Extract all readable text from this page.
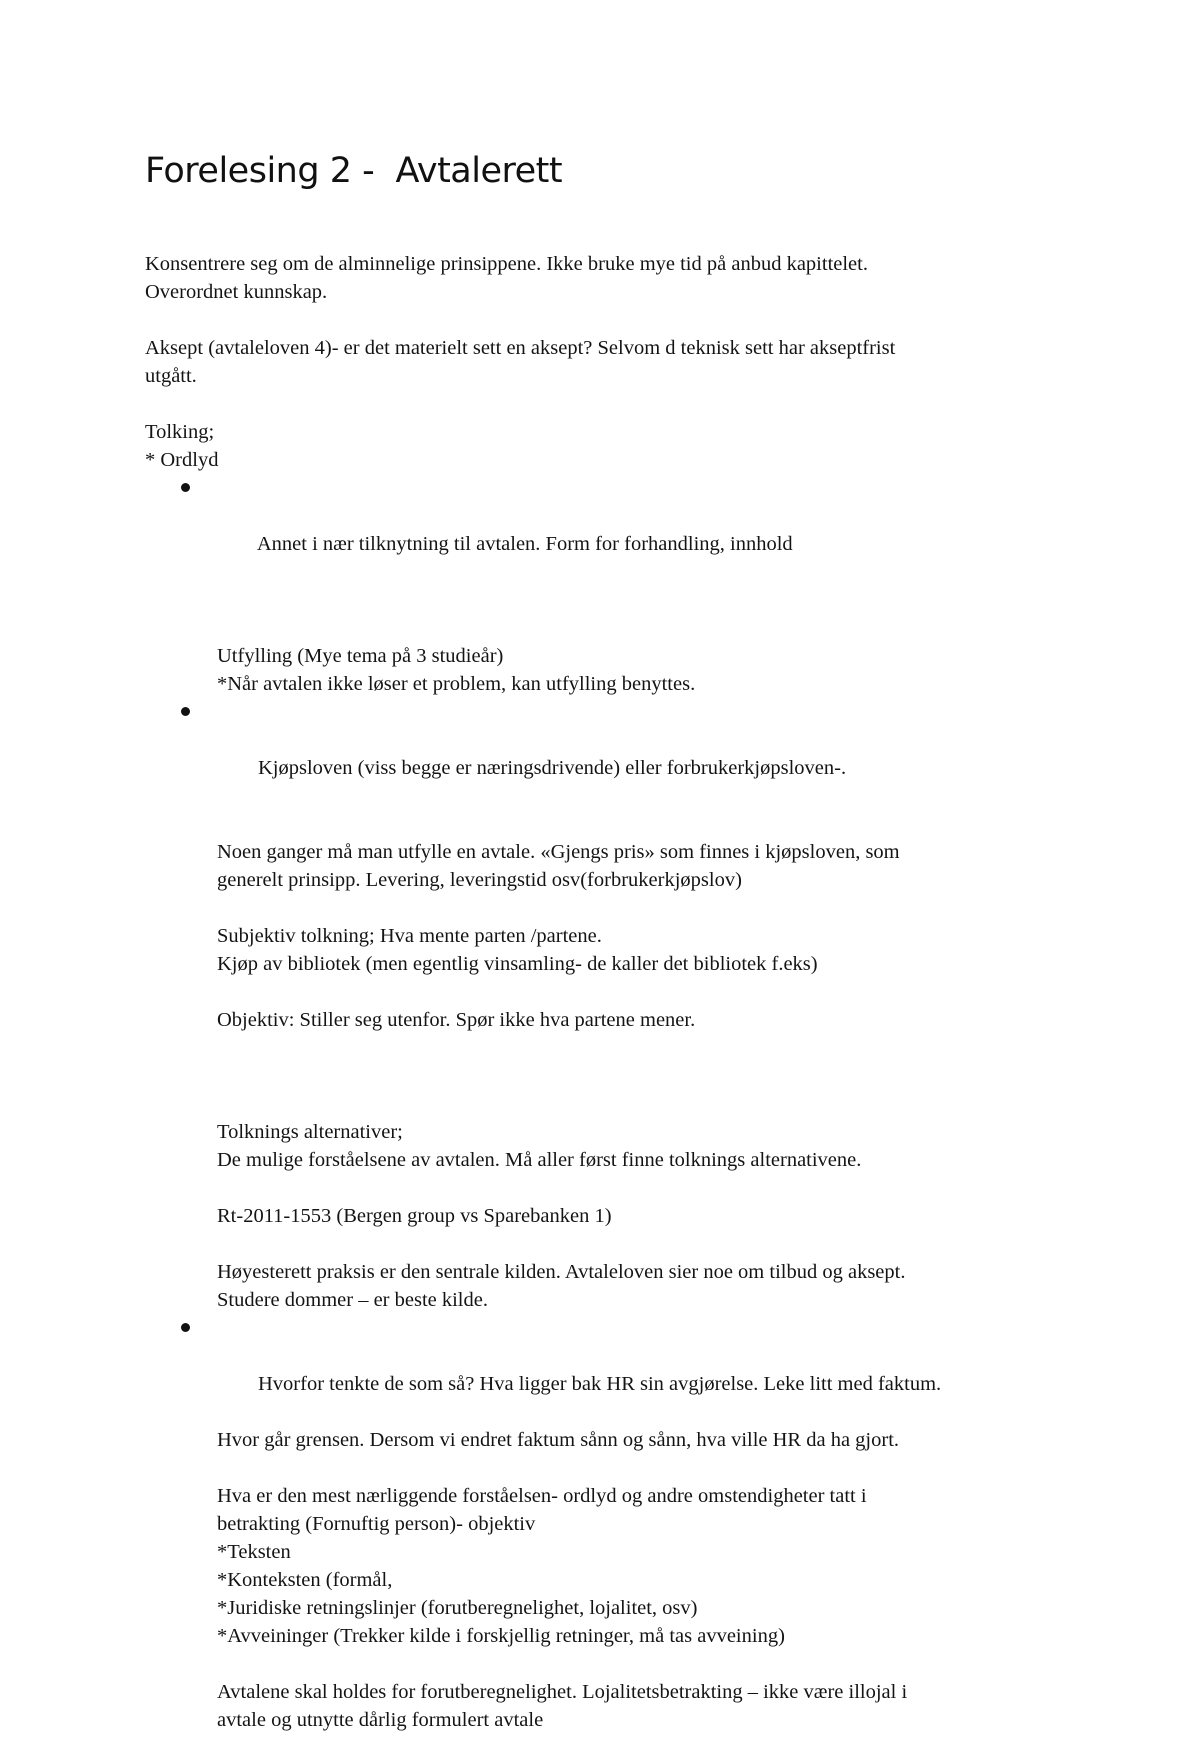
Forelesing 2 -  Avtalerett
Konsentrere seg om de alminnelige prinsippene. Ikke bruke mye tid på anbud kapittelet.
Overordnet kunnskap.
Aksept (avtaleloven 4)- er det materielt sett en aksept? Selvom d teknisk sett har akseptfrist
utgått.
Tolking;
* Ordlyd

Annet i nær tilknytning til avtalen. Form for forhandling, innhold

Utfylling (Mye tema på 3 studieår)
*Når avtalen ikke løser et problem, kan utfylling benyttes.

Kjøpsloven (viss begge er næringsdrivende) eller forbrukerkjøpsloven-.

Noen ganger må man utfylle en avtale. «Gjengs pris» som finnes i kjøpsloven, som
generelt prinsipp. Levering, leveringstid osv(forbrukerkjøpslov)
Subjektiv tolkning; Hva mente parten /partene.
Kjøp av bibliotek (men egentlig vinsamling- de kaller det bibliotek f.eks)
Objektiv: Stiller seg utenfor. Spør ikke hva partene mener.
Tolknings alternativer;
De mulige forståelsene av avtalen. Må aller først finne tolknings alternativene.
Rt-2011-1553 (Bergen group vs Sparebanken 1)
Høyesterett praksis er den sentrale kilden. Avtaleloven sier noe om tilbud og aksept.
Studere dommer – er beste kilde.

Hvorfor tenkte de som så? Hva ligger bak HR sin avgjørelse. Leke litt med faktum.

Hvor går grensen. Dersom vi endret faktum sånn og sånn, hva ville HR da ha gjort.
Hva er den mest nærliggende forståelsen- ordlyd og andre omstendigheter tatt i
betrakting (Fornuftig person)- objektiv
*Teksten
*Konteksten (formål,
*Juridiske retningslinjer (forutberegnelighet, lojalitet, osv)
*Avveininger (Trekker kilde i forskjellig retninger, må tas avveining)
Avtalene skal holdes for forutberegnelighet. Lojalitetsbetrakting – ikke være illojal i
avtale og utnytte dårlig formulert avtale
